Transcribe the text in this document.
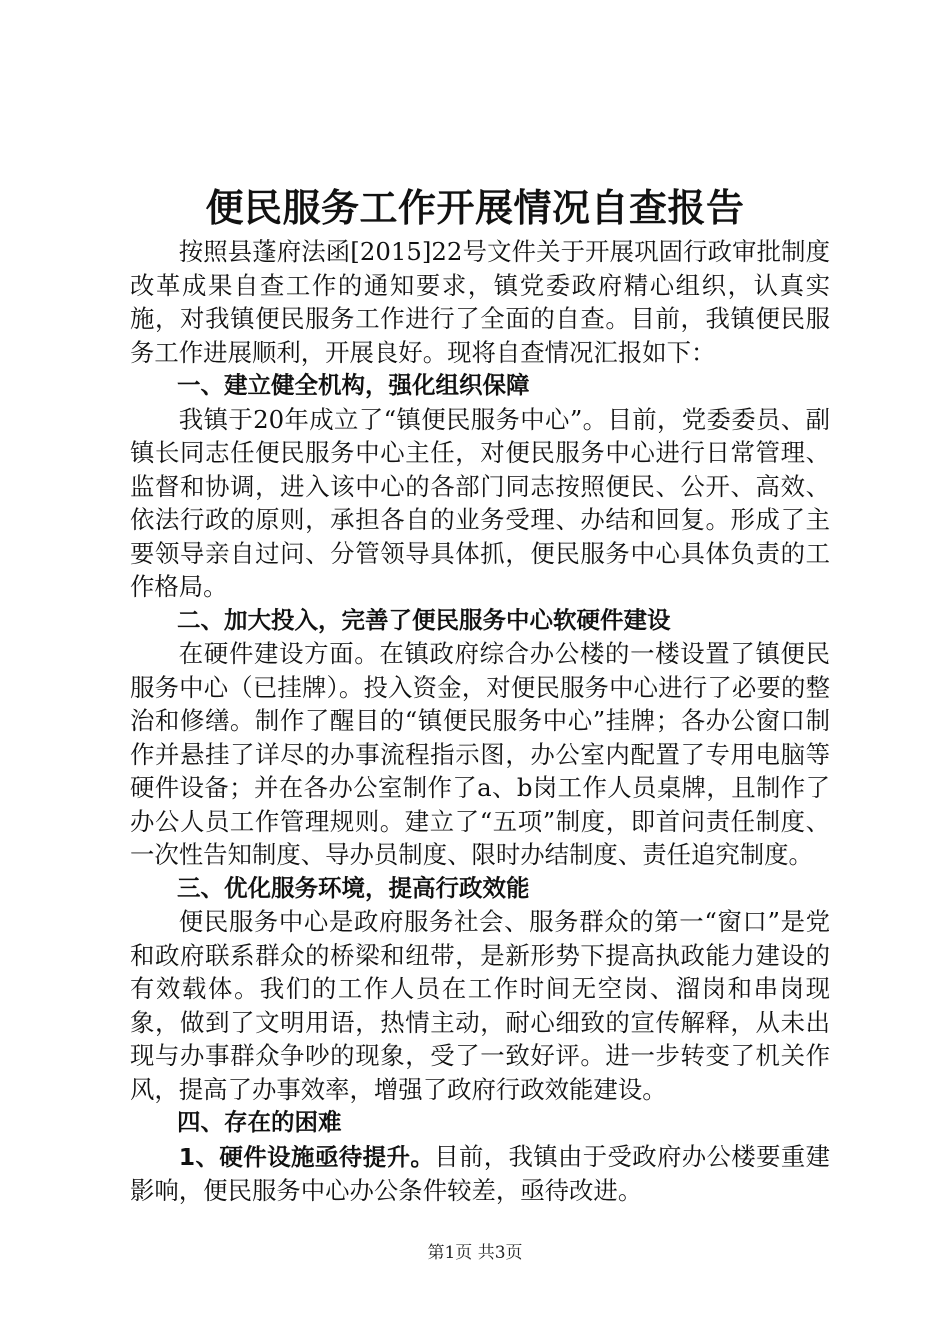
便民服务工作开展情况自查报告

按照县蓬府法函[2015]22号文件关于开展巩固行政审批制度改革成果自查工作的通知要求，镇党委政府精心组织，认真实施，对我镇便民服务工作进行了全面的自查。目前，我镇便民服务工作进展顺利，开展良好。现将自查情况汇报如下：

一、建立健全机构，强化组织保障

我镇于20年成立了“镇便民服务中心”。目前，党委委员、副镇长同志任便民服务中心主任，对便民服务中心进行日常管理、监督和协调，进入该中心的各部门同志按照便民、公开、高效、依法行政的原则，承担各自的业务受理、办结和回复。形成了主要领导亲自过问、分管领导具体抓，便民服务中心具体负责的工作格局。

二、加大投入，完善了便民服务中心软硬件建设

在硬件建设方面。在镇政府综合办公楼的一楼设置了镇便民服务中心（已挂牌）。投入资金，对便民服务中心进行了必要的整治和修缮。制作了醒目的“镇便民服务中心”挂牌；各办公窗口制作并悬挂了详尽的办事流程指示图，办公室内配置了专用电脑等硬件设备；并在各办公室制作了a、b岗工作人员桌牌，且制作了办公人员工作管理规则。建立了“五项”制度，即首问责任制度、一次性告知制度、导办员制度、限时办结制度、责任追究制度。

三、优化服务环境，提高行政效能

便民服务中心是政府服务社会、服务群众的第一“窗口”是党和政府联系群众的桥梁和纽带，是新形势下提高执政能力建设的有效载体。我们的工作人员在工作时间无空岗、溜岗和串岗现象，做到了文明用语，热情主动，耐心细致的宣传解释，从未出现与办事群众争吵的现象，受了一致好评。进一步转变了机关作风，提高了办事效率，增强了政府行政效能建设。

四、存在的困难

1、硬件设施亟待提升。目前，我镇由于受政府办公楼要重建影响，便民服务中心办公条件较差，亟待改进。

第1页 共3页
